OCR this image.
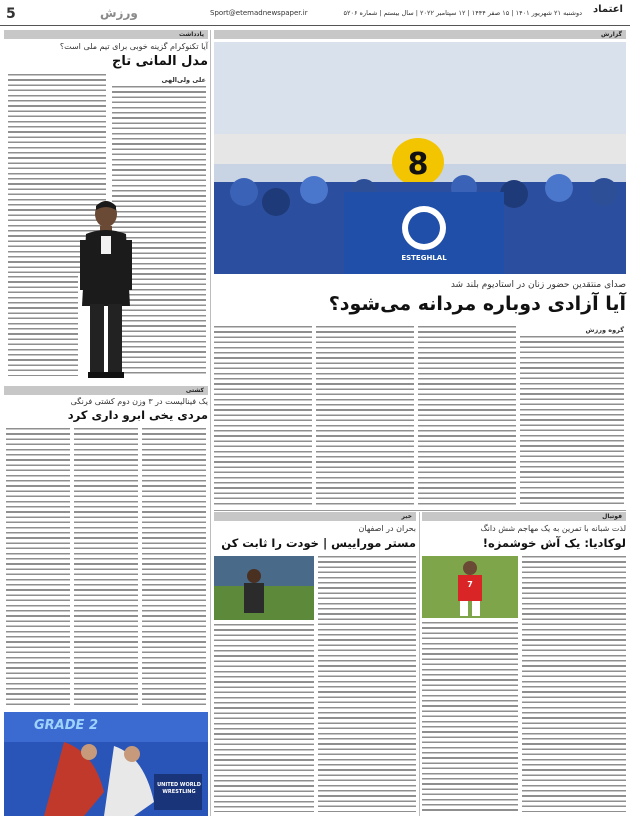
5	ورزش	Sport@etemadnewspaper.ir	دوشنبه ۲۱ شهریور ۱۴۰۱ | ۱۵ صفر ۱۴۴۴ | ۱۲ سپتامبر ۲۰۲۲ | سال بیستم | شماره ۵۲۰۶	اعتماد
یادداشت
آیا تکنوکرام گزینه خوبی برای تیم ملی است؟
مدل المانی تاج
علی ولی‌الهی
کشتی
یک فینالیست در ۳ وزن دوم کشتی فرنگی
مردی یخی ابرو داری کرد
GRADE 2
UNITED WORLD WRESTLING
گزارش
8
ESTEGHLAL
صدای منتقدین حضور زنان در استادیوم بلند شد
آیا آزادی دوباره مردانه می‌شود؟
گروه ورزش
خبر
بحران در اصفهان
مستر موراییس | خودت را ثابت کن
فوتبال
لذت شبانه با تمرین به یک مهاجم شش دانگ
لوکادیا: یک آش خوشمزه!
7
